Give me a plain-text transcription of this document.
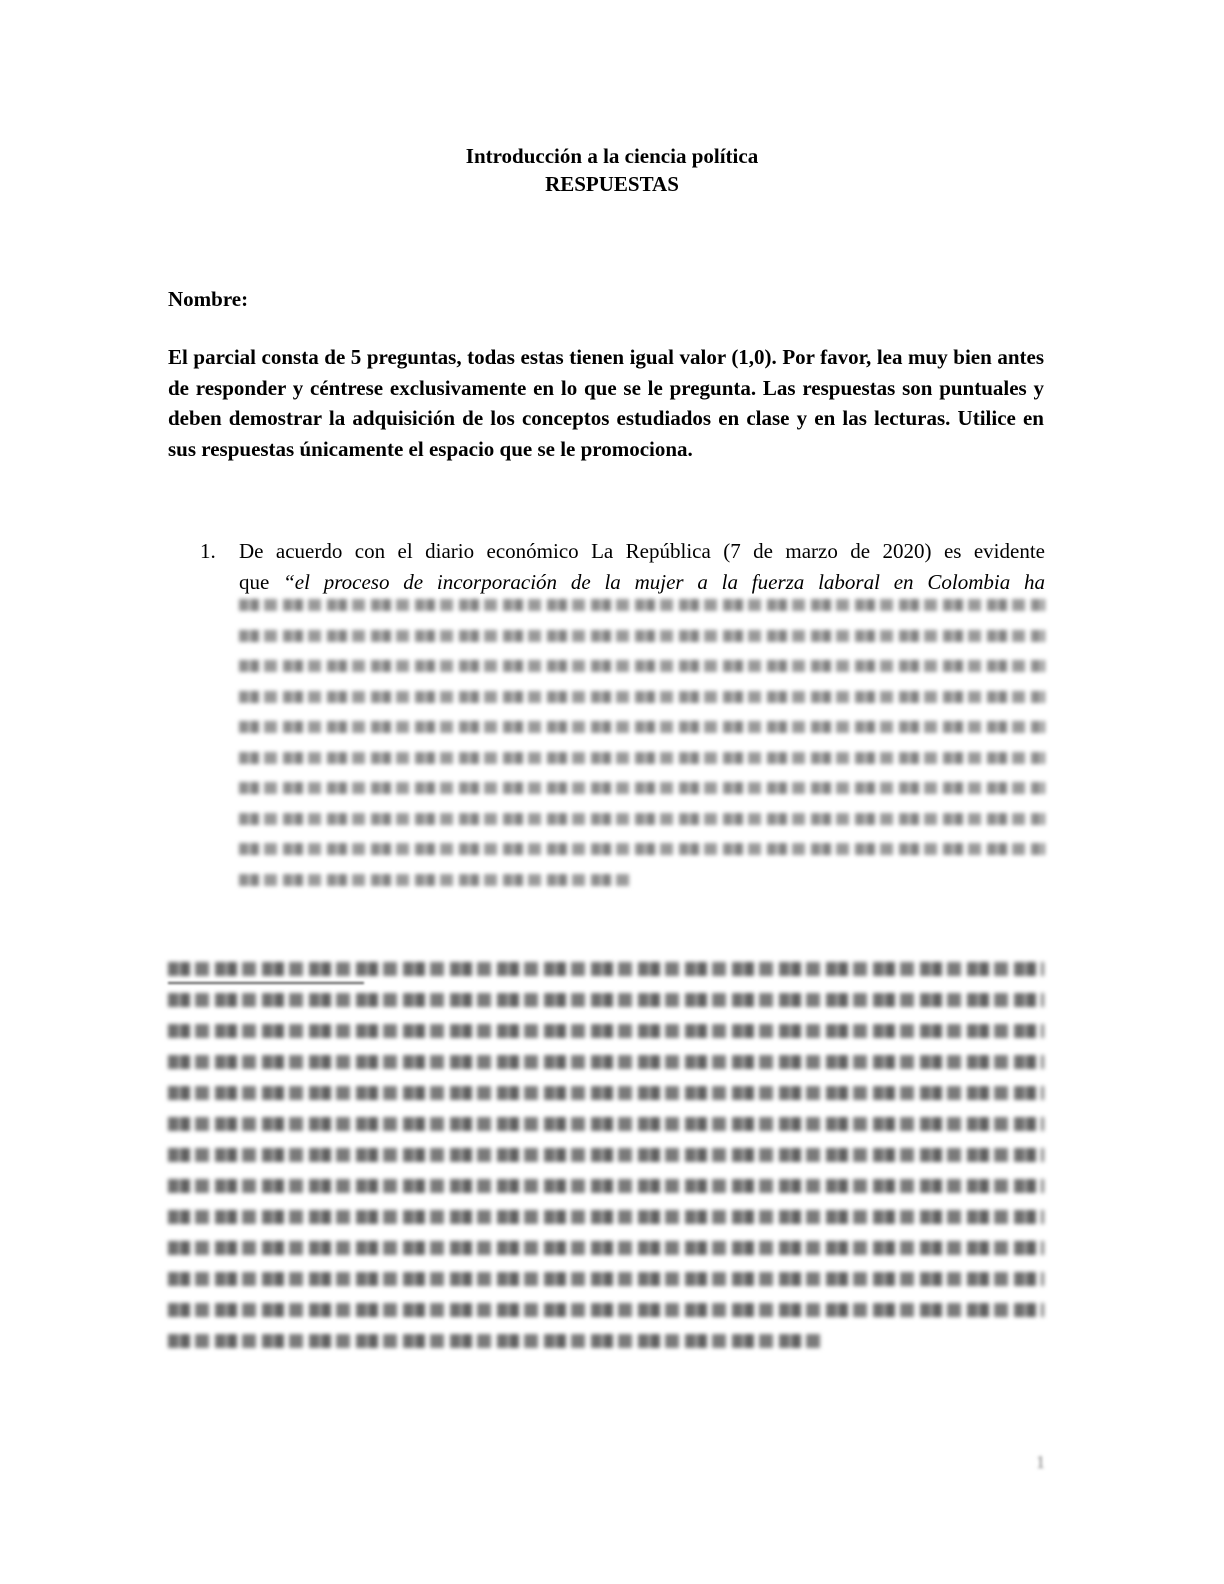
Introducción a la ciencia política
RESPUESTAS
Nombre:
El parcial consta de 5 preguntas, todas estas tienen igual valor (1,0). Por favor, lea muy bien antes de responder y céntrese exclusivamente en lo que se le pregunta. Las respuestas son puntuales y deben demostrar la adquisición de los conceptos estudiados en clase y en las lecturas. Utilice en sus respuestas únicamente el espacio que se le promociona.
1. De acuerdo con el diario económico La República (7 de marzo de 2020) es evidente
que “el proceso de incorporación de la mujer a la fuerza laboral en Colombia ha
1
